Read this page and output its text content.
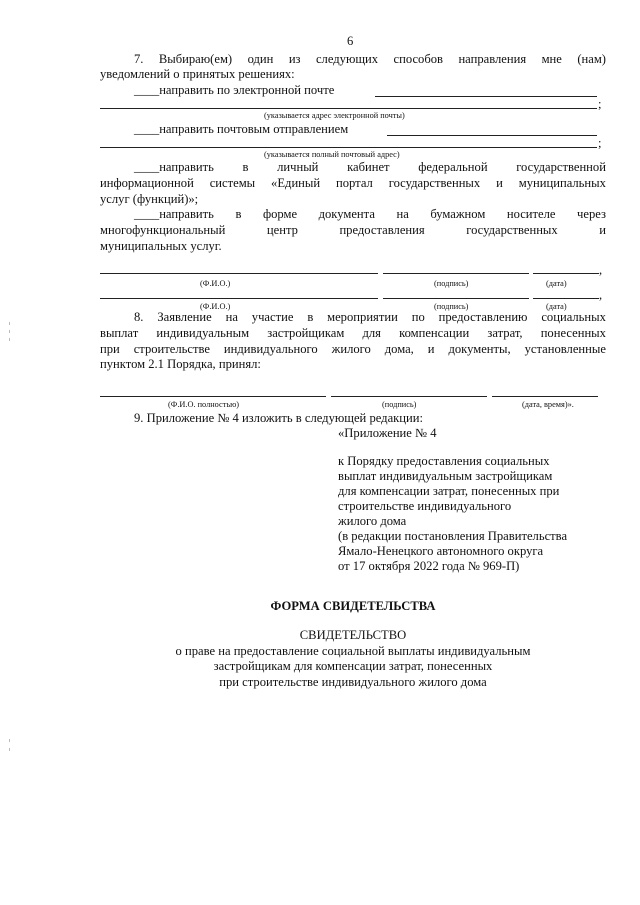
6
7. Выбираю(ем) один из следующих способов направления мне (нам)
уведомлений о принятых решениях:
____направить по электронной почте
;
(указывается адрес электронной почты)
____направить почтовым отправлением
;
(указывается полный почтовый адрес)
____направить в личный кабинет федеральной государственной
информационной системы «Единый портал государственных и муниципальных
услуг (функций)»;
____направить в форме документа на бумажном носителе через
многофункциональный	центр	предоставления	государственных	и
муниципальных услуг.
,
(Ф.И.О.)	(подпись)	(дата)
,
(Ф.И.О.)	(подпись)	(дата)
8. Заявление на участие в мероприятии по предоставлению социальных
выплат индивидуальным застройщикам для компенсации затрат, понесенных
при строительстве индивидуального жилого дома, и документы, установленные
пунктом 2.1 Порядка, принял:
(Ф.И.О. полностью)	(подпись)	(дата, время)».
9. Приложение № 4 изложить в следующей редакции:
«Приложение № 4
к Порядку предоставления социальных
выплат индивидуальным застройщикам
для компенсации затрат, понесенных при
строительстве индивидуального
жилого дома
(в редакции постановления Правительства
Ямало-Ненецкого автономного округа
от 17 октября 2022 года № 969-П)
ФОРМА СВИДЕТЕЛЬСТВА
СВИДЕТЕЛЬСТВО
о праве на предоставление социальной выплаты индивидуальным
застройщикам для компенсации затрат, понесенных
при строительстве индивидуального жилого дома
